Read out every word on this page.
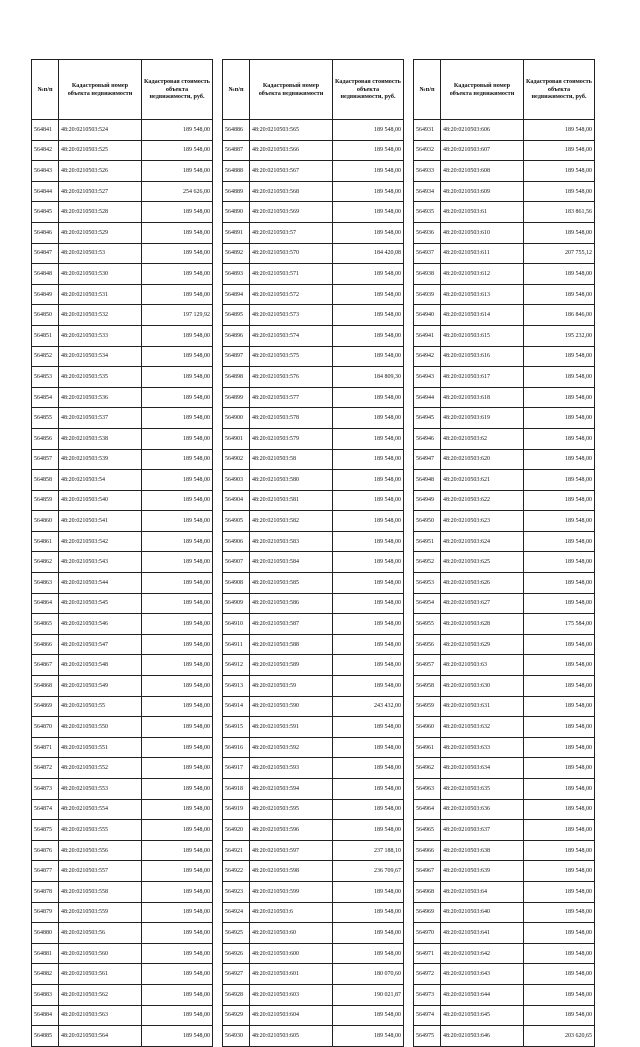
№п/п	Кадастровый номер объекта недвижимости	Кадастровая стоимость объекта недвижимости, руб.
564841	48:20:0210503:524	189 548,00
564842	48:20:0210503:525	189 548,00
564843	48:20:0210503:526	189 548,00
564844	48:20:0210503:527	254 626,00
564845	48:20:0210503:528	189 548,00
564846	48:20:0210503:529	189 548,00
564847	48:20:0210503:53	189 548,00
564848	48:20:0210503:530	189 548,00
564849	48:20:0210503:531	189 548,00
564850	48:20:0210503:532	197 129,92
564851	48:20:0210503:533	189 548,00
564852	48:20:0210503:534	189 548,00
564853	48:20:0210503:535	189 548,00
564854	48:20:0210503:536	189 548,00
564855	48:20:0210503:537	189 548,00
564856	48:20:0210503:538	189 548,00
564857	48:20:0210503:539	189 548,00
564858	48:20:0210503:54	189 548,00
564859	48:20:0210503:540	189 548,00
564860	48:20:0210503:541	189 548,00
564861	48:20:0210503:542	189 548,00
564862	48:20:0210503:543	189 548,00
564863	48:20:0210503:544	189 548,00
564864	48:20:0210503:545	189 548,00
564865	48:20:0210503:546	189 548,00
564866	48:20:0210503:547	189 548,00
564867	48:20:0210503:548	189 548,00
564868	48:20:0210503:549	189 548,00
564869	48:20:0210503:55	189 548,00
564870	48:20:0210503:550	189 548,00
564871	48:20:0210503:551	189 548,00
564872	48:20:0210503:552	189 548,00
564873	48:20:0210503:553	189 548,00
564874	48:20:0210503:554	189 548,00
564875	48:20:0210503:555	189 548,00
564876	48:20:0210503:556	189 548,00
564877	48:20:0210503:557	189 548,00
564878	48:20:0210503:558	189 548,00
564879	48:20:0210503:559	189 548,00
564880	48:20:0210503:56	189 548,00
564881	48:20:0210503:560	189 548,00
564882	48:20:0210503:561	189 548,00
564883	48:20:0210503:562	189 548,00
564884	48:20:0210503:563	189 548,00
564885	48:20:0210503:564	189 548,00
№п/п	Кадастровый номер объекта недвижимости	Кадастровая стоимость объекта недвижимости, руб.
564886	48:20:0210503:565	189 548,00
564887	48:20:0210503:566	189 548,00
564888	48:20:0210503:567	189 548,00
564889	48:20:0210503:568	189 548,00
564890	48:20:0210503:569	189 548,00
564891	48:20:0210503:57	189 548,00
564892	48:20:0210503:570	184 420,08
564893	48:20:0210503:571	189 548,00
564894	48:20:0210503:572	189 548,00
564895	48:20:0210503:573	189 548,00
564896	48:20:0210503:574	189 548,00
564897	48:20:0210503:575	189 548,00
564898	48:20:0210503:576	184 809,30
564899	48:20:0210503:577	189 548,00
564900	48:20:0210503:578	189 548,00
564901	48:20:0210503:579	189 548,00
564902	48:20:0210503:58	189 548,00
564903	48:20:0210503:580	189 548,00
564904	48:20:0210503:581	189 548,00
564905	48:20:0210503:582	189 548,00
564906	48:20:0210503:583	189 548,00
564907	48:20:0210503:584	189 548,00
564908	48:20:0210503:585	189 548,00
564909	48:20:0210503:586	189 548,00
564910	48:20:0210503:587	189 548,00
564911	48:20:0210503:588	189 548,00
564912	48:20:0210503:589	189 548,00
564913	48:20:0210503:59	189 548,00
564914	48:20:0210503:590	243 432,00
564915	48:20:0210503:591	189 548,00
564916	48:20:0210503:592	189 548,00
564917	48:20:0210503:593	189 548,00
564918	48:20:0210503:594	189 548,00
564919	48:20:0210503:595	189 548,00
564920	48:20:0210503:596	189 548,00
564921	48:20:0210503:597	237 188,10
564922	48:20:0210503:598	236 709,67
564923	48:20:0210503:599	189 548,00
564924	48:20:0210503:6	189 548,00
564925	48:20:0210503:60	189 548,00
564926	48:20:0210503:600	189 548,00
564927	48:20:0210503:601	180 070,60
564928	48:20:0210503:603	190 021,87
564929	48:20:0210503:604	189 548,00
564930	48:20:0210503:605	189 548,00
№п/п	Кадастровый номер объекта недвижимости	Кадастровая стоимость объекта недвижимости, руб.
564931	48:20:0210503:606	189 548,00
564932	48:20:0210503:607	189 548,00
564933	48:20:0210503:608	189 548,00
564934	48:20:0210503:609	189 548,00
564935	48:20:0210503:61	183 861,56
564936	48:20:0210503:610	189 548,00
564937	48:20:0210503:611	207 755,12
564938	48:20:0210503:612	189 548,00
564939	48:20:0210503:613	189 548,00
564940	48:20:0210503:614	186 846,00
564941	48:20:0210503:615	195 232,00
564942	48:20:0210503:616	189 548,00
564943	48:20:0210503:617	189 548,00
564944	48:20:0210503:618	189 548,00
564945	48:20:0210503:619	189 548,00
564946	48:20:0210503:62	189 548,00
564947	48:20:0210503:620	189 548,00
564948	48:20:0210503:621	189 548,00
564949	48:20:0210503:622	189 548,00
564950	48:20:0210503:623	189 548,00
564951	48:20:0210503:624	189 548,00
564952	48:20:0210503:625	189 548,00
564953	48:20:0210503:626	189 548,00
564954	48:20:0210503:627	189 548,00
564955	48:20:0210503:628	175 584,00
564956	48:20:0210503:629	189 548,00
564957	48:20:0210503:63	189 548,00
564958	48:20:0210503:630	189 548,00
564959	48:20:0210503:631	189 548,00
564960	48:20:0210503:632	189 548,00
564961	48:20:0210503:633	189 548,00
564962	48:20:0210503:634	189 548,00
564963	48:20:0210503:635	189 548,00
564964	48:20:0210503:636	189 548,00
564965	48:20:0210503:637	189 548,00
564966	48:20:0210503:638	189 548,00
564967	48:20:0210503:639	189 548,00
564968	48:20:0210503:64	189 548,00
564969	48:20:0210503:640	189 548,00
564970	48:20:0210503:641	189 548,00
564971	48:20:0210503:642	189 548,00
564972	48:20:0210503:643	189 548,00
564973	48:20:0210503:644	189 548,00
564974	48:20:0210503:645	189 548,00
564975	48:20:0210503:646	203 620,65
